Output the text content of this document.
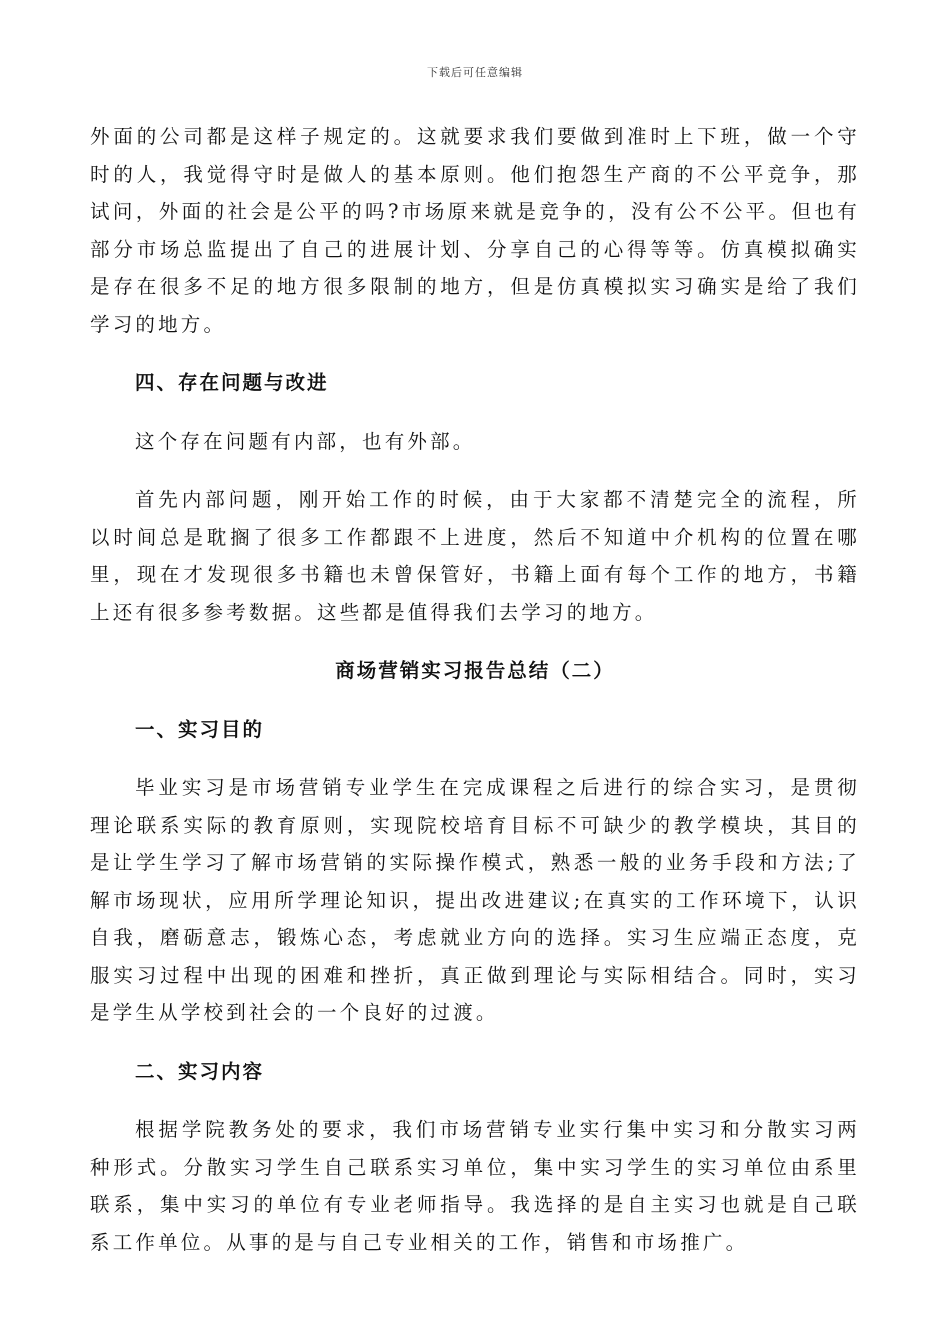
下载后可任意编辑

外面的公司都是这样子规定的。这就要求我们要做到准时上下班，做一个守时的人，我觉得守时是做人的基本原则。他们抱怨生产商的不公平竞争，那试问，外面的社会是公平的吗?市场原来就是竞争的，没有公不公平。但也有部分市场总监提出了自己的进展计划、分享自己的心得等等。仿真模拟确实是存在很多不足的地方很多限制的地方，但是仿真模拟实习确实是给了我们学习的地方。

四、存在问题与改进

这个存在问题有内部，也有外部。

首先内部问题，刚开始工作的时候，由于大家都不清楚完全的流程，所以时间总是耽搁了很多工作都跟不上进度，然后不知道中介机构的位置在哪里，现在才发现很多书籍也未曾保管好，书籍上面有每个工作的地方，书籍上还有很多参考数据。这些都是值得我们去学习的地方。

商场营销实习报告总结（二）

一、实习目的

毕业实习是市场营销专业学生在完成课程之后进行的综合实习，是贯彻理论联系实际的教育原则，实现院校培育目标不可缺少的教学模块，其目的是让学生学习了解市场营销的实际操作模式，熟悉一般的业务手段和方法;了解市场现状，应用所学理论知识，提出改进建议;在真实的工作环境下，认识自我，磨砺意志，锻炼心态，考虑就业方向的选择。实习生应端正态度，克服实习过程中出现的困难和挫折，真正做到理论与实际相结合。同时，实习是学生从学校到社会的一个良好的过渡。

二、实习内容

根据学院教务处的要求，我们市场营销专业实行集中实习和分散实习两种形式。分散实习学生自己联系实习单位，集中实习学生的实习单位由系里联系，集中实习的单位有专业老师指导。我选择的是自主实习也就是自己联系工作单位。从事的是与自己专业相关的工作，销售和市场推广。
